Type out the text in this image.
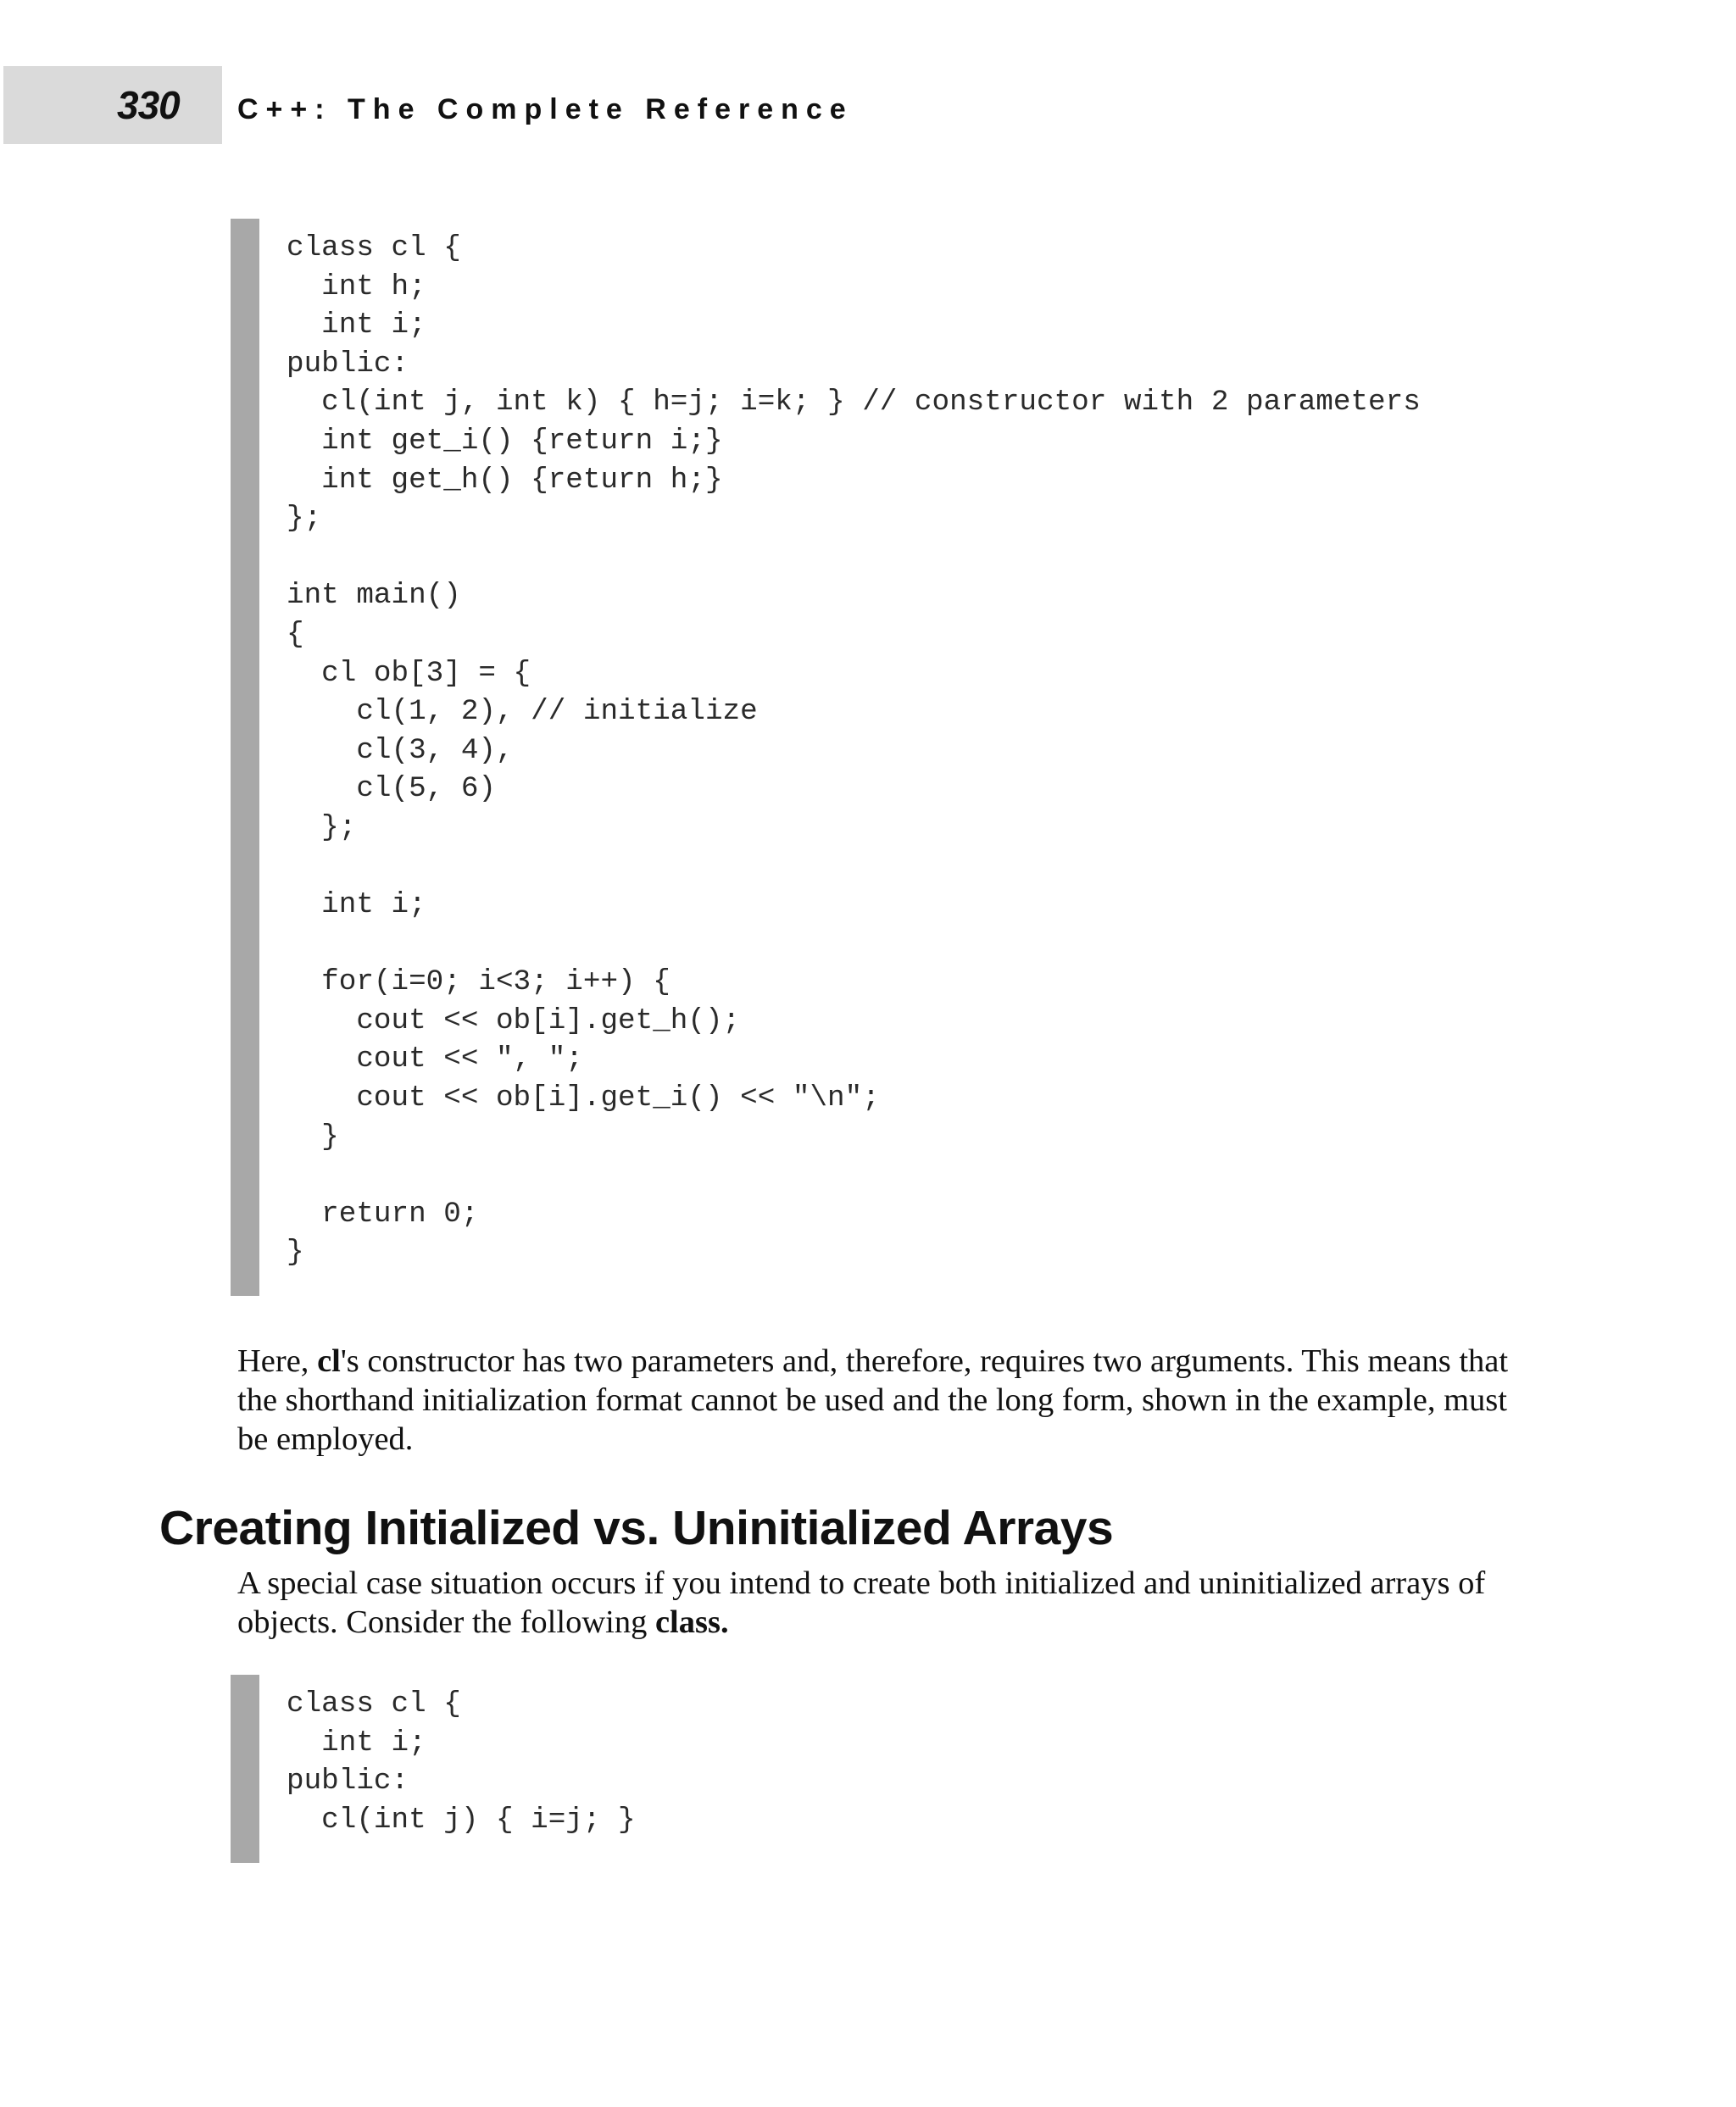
330 C++: The Complete Reference
class cl {
int h;
int i;
public:
cl(int j, int k) { h=j; i=k; } // constructor with 2 parameters
int get_i() {return i;}
int get_h() {return h;}
};
int main()
{
cl ob[3] = {
cl(1, 2), // initialize
cl(3, 4),
cl(5, 6)
};
int i;
for(i=0; i<3; i++) {
cout << ob[i].get_h();
cout << ", ";
cout << ob[i].get_i() << "\n";
}
return 0;
}

Here, cl's constructor has two parameters and, therefore, requires two arguments. This means that the shorthand initialization format cannot be used and the long form, shown in the example, must be employed.

Creating Initialized vs. Uninitialized Arrays

A special case situation occurs if you intend to create both initialized and uninitialized arrays of objects. Consider the following class.

class cl {
int i;
public:
cl(int j) { i=j; }
